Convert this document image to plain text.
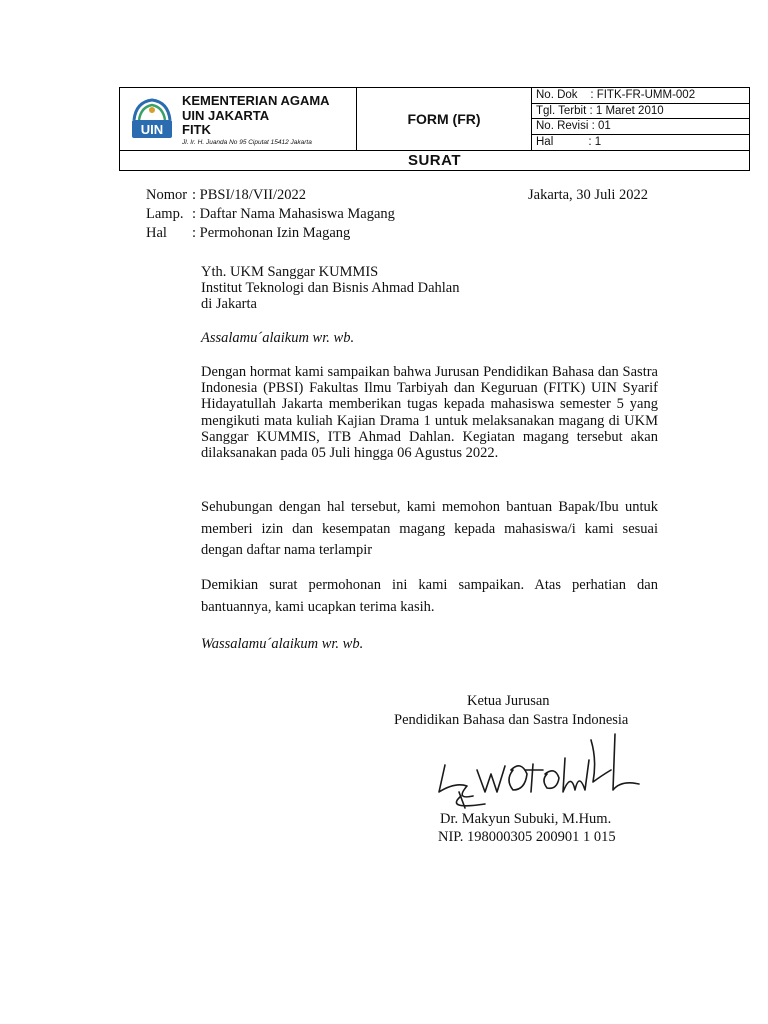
UIN
KEMENTERIAN AGAMA
UIN JAKARTA
FITK
Jl. Ir. H. Juanda No 95 Ciputat 15412 Jakarta
FORM (FR)
No. Dok    : FITK-FR-UMM-002
Tgl. Terbit : 1 Maret 2010
No. Revisi : 01
Hal           : 1
SURAT
Nomor : PBSI/18/VII/2022	Jakarta, 30 Juli 2022
Lamp. : Daftar Nama Mahasiswa Magang
Hal : Permohonan Izin Magang
Yth. UKM Sanggar KUMMIS
Institut Teknologi dan Bisnis Ahmad Dahlan
di Jakarta
Assalamu´alaikum wr. wb.
Dengan hormat kami sampaikan bahwa Jurusan Pendidikan Bahasa dan Sastra Indonesia (PBSI) Fakultas Ilmu Tarbiyah dan Keguruan (FITK) UIN Syarif Hidayatullah Jakarta memberikan tugas kepada mahasiswa semester 5 yang mengikuti mata kuliah Kajian Drama 1 untuk melaksanakan magang di UKM Sanggar KUMMIS, ITB Ahmad Dahlan. Kegiatan magang tersebut akan dilaksanakan pada 05 Juli hingga 06 Agustus 2022.
Sehubungan dengan hal tersebut, kami memohon bantuan Bapak/Ibu untuk memberi izin dan kesempatan magang kepada mahasiswa/i kami sesuai dengan daftar nama terlampir
Demikian surat permohonan ini kami sampaikan. Atas perhatian dan bantuannya, kami ucapkan terima kasih.
Wassalamu´alaikum wr. wb.
Ketua Jurusan
Pendidikan Bahasa dan Sastra Indonesia
Dr. Makyun Subuki, M.Hum.
NIP. 198000305 200901 1 015
